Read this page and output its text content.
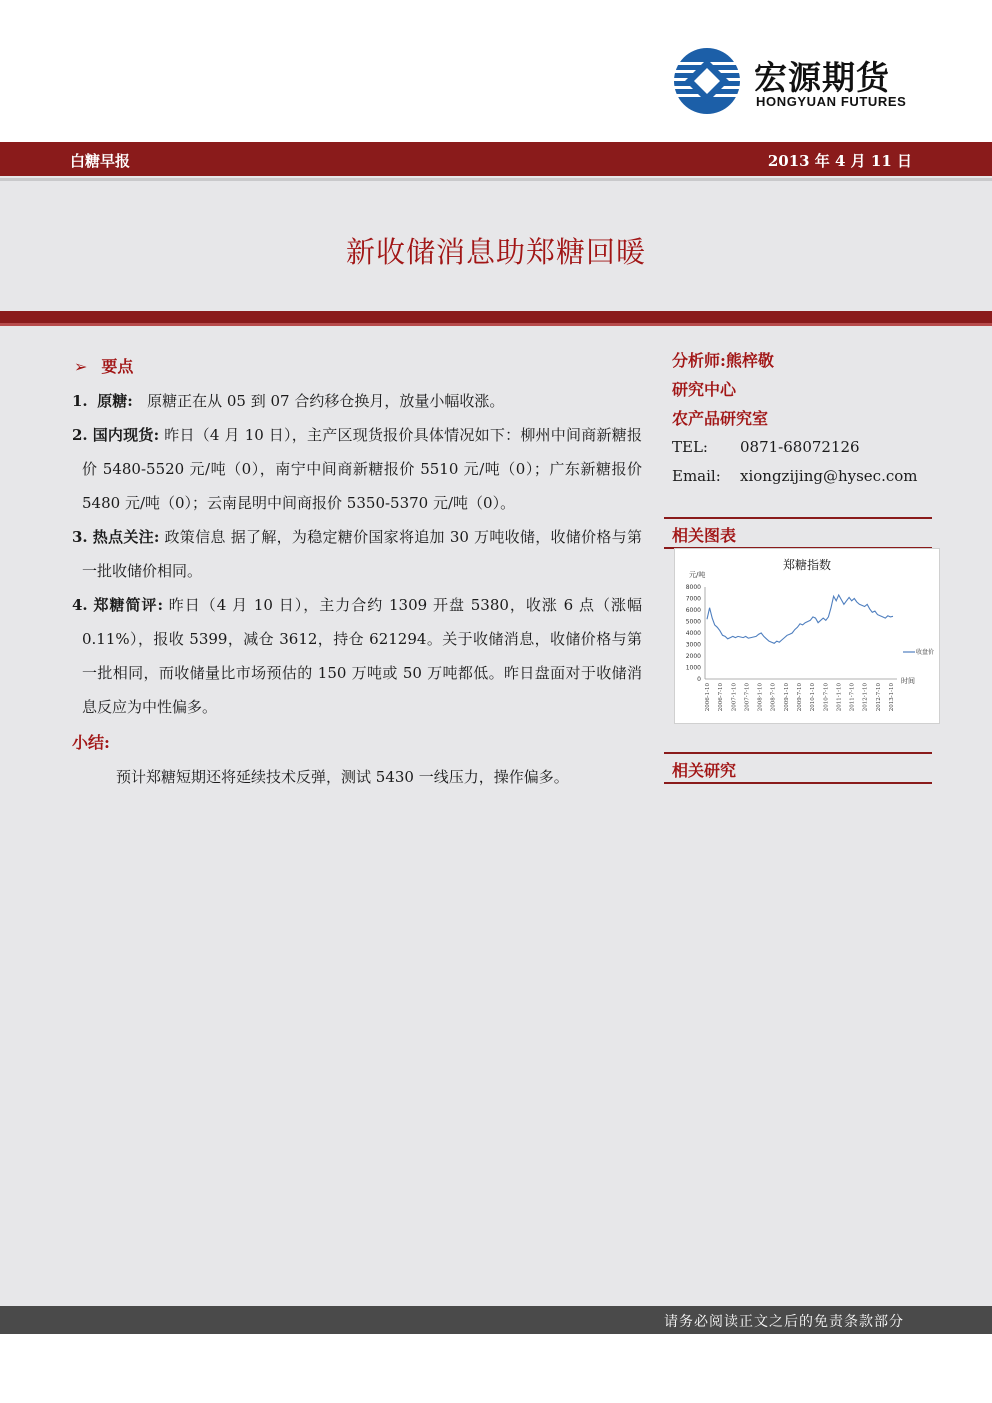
宏源期货
HONGYUAN FUTURES
白糖早报	2013 年 4 月 11 日
新收储消息助郑糖回暖
➢ 要点
1. 原糖: 原糖正在从 05 到 07 合约移仓换月，放量小幅收涨。
2. 国内现货: 昨日（4 月 10 日），主产区现货报价具体情况如下：柳州中间商新糖报价 5480-5520 元/吨（0），南宁中间商新糖报价 5510 元/吨（0）；广东新糖报价 5480 元/吨（0）；云南昆明中间商报价 5350-5370 元/吨（0）。
3. 热点关注: 政策信息 据了解，为稳定糖价国家将追加 30 万吨收储，收储价格与第一批收储价相同。
4. 郑糖简评: 昨日（4 月 10 日），主力合约 1309 开盘 5380，收涨 6 点（涨幅 0.11%），报收 5399，减仓 3612，持仓 621294。关于收储消息，收储价格与第一批相同，而收储量比市场预估的 150 万吨或 50 万吨都低。昨日盘面对于收储消息反应为中性偏多。
小结:
预计郑糖短期还将延续技术反弹，测试 5430 一线压力，操作偏多。
分析师:熊梓敬
研究中心
农产品研究室
TEL:	0871-68072126
Email:	xiongzijing@hysec.com
相关图表
郑糖指数
元/吨
8000
7000
6000
5000
4000
3000
2000
1000
0
2006-1-10 2006-7-10 2007-1-10 2007-7-10 2008-1-10 2008-7-10 2009-1-10 2009-7-10 2010-1-10 2010-7-10 2011-1-10 2011-7-10 2012-1-10 2012-7-10 2013-1-10
收盘价
时间
相关研究
请务必阅读正文之后的免责条款部分
